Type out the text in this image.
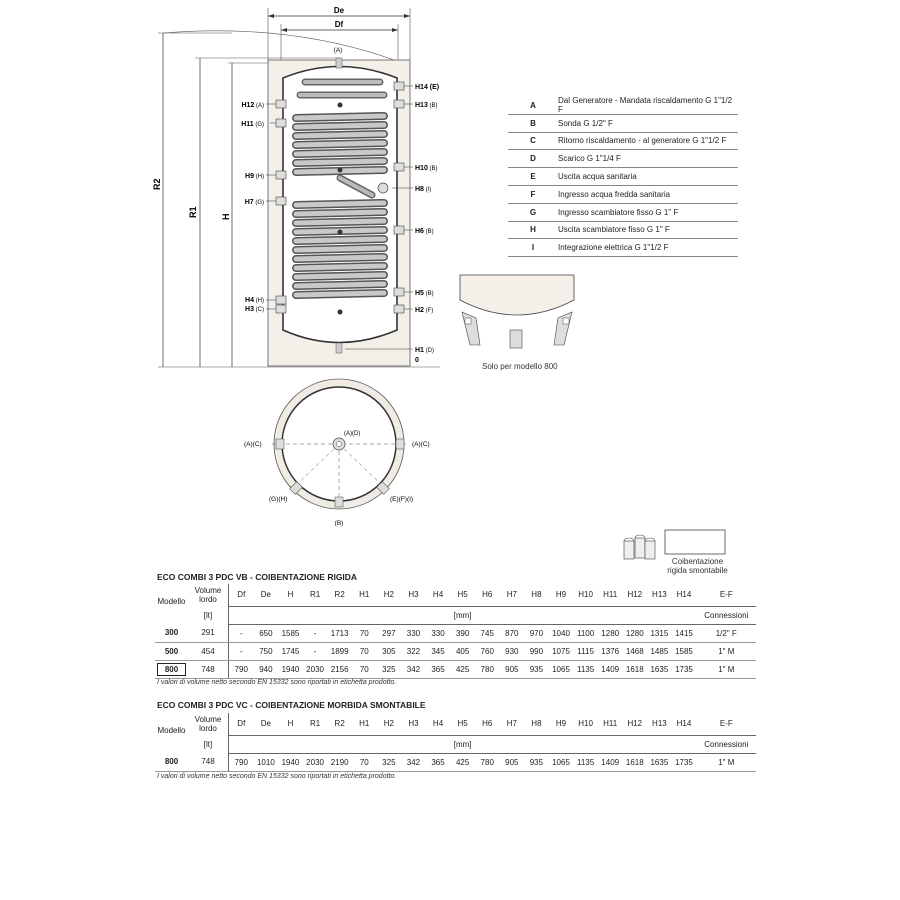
De
Df
R2
R1	H
(A)
H12 (A)
H11 (G)
H9 (H)
H7 (G)
H4 (H)
H3 (C)
H14 (E)
H13 (B)
H10 (B)
H8 (I)
H6 (B)
H5 (B)
H2 (F)
H1 (D)
0
(A)(D)
(A)(C)	(A)(C)
(G)(H)	(E)(F)(I)
(B)
A	Dal Generatore - Mandata riscaldamento G 1"1/2 F
B	Sonda G 1/2" F
C	Ritorno riscaldamento - al generatore G 1"1/2 F
D	Scarico G 1"1/4 F
E	Uscita acqua sanitaria
F	Ingresso acqua fredda sanitaria
G	Ingresso scambiatore fisso G 1" F
H	Uscita scambiatore fisso G 1" F
I	Integrazione elettrica G 1"1/2 F
Solo per modello 800
Coibentazione
rigida smontabile
ECO COMBI 3 PDC VB - COIBENTAZIONE RIGIDA
Modello	Volume
lordo	Df	De	H	R1	R2	H1	H2	H3	H4	H5	H6	H7	H8	H9	H10	H11	H12	H13	H14	E-F
	[lt]	[mm]																			Connessioni
300	291	-	650	1585	-	1713	70	297	330	330	390	745	870	970	1040	1100	1280	1280	1315	1415	1/2" F
500	454	-	750	1745	-	1899	70	305	322	345	405	760	930	990	1075	1115	1376	1468	1485	1585	1" M
800	748	790	940	1940	2030	2156	70	325	342	365	425	780	905	935	1065	1135	1409	1618	1635	1735	1" M
I valori di volume netto secondo EN 15332 sono riportati in etichetta prodotto.
ECO COMBI 3 PDC VC - COIBENTAZIONE MORBIDA SMONTABILE
Modello	Volume
lordo	Df	De	H	R1	R2	H1	H2	H3	H4	H5	H6	H7	H8	H9	H10	H11	H12	H13	H14	E-F
	[lt]	[mm]																			Connessioni
800	748	790	1010	1940	2030	2190	70	325	342	365	425	780	905	935	1065	1135	1409	1618	1635	1735	1" M
I valori di volume netto secondo EN 15332 sono riportati in etichetta prodotto.
